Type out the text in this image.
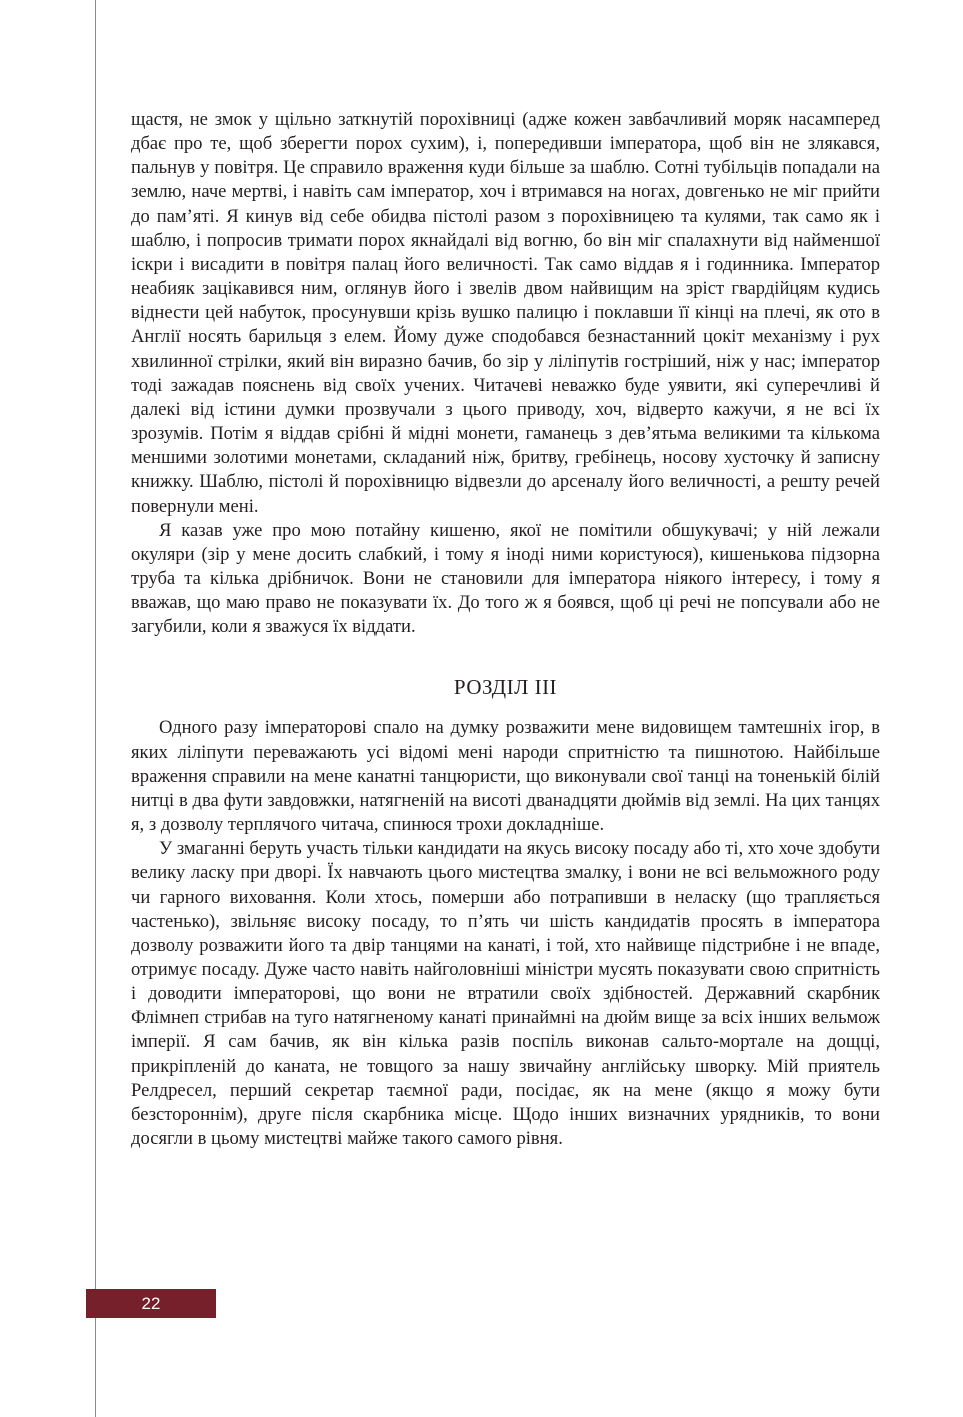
щастя, не змок у щільно заткнутій порохівниці (адже кожен завбачливий моряк насамперед дбає про те, щоб зберегти порох сухим), і, попередивши імператора, щоб він не злякався, пальнув у повітря. Це справило враження куди більше за шаблю. Сотні тубільців попадали на землю, наче мертві, і навіть сам імператор, хоч і втримався на ногах, довгенько не міг прийти до пам’яті. Я кинув від себе обидва пістолі разом з порохівницею та кулями, так само як і шаблю, і попросив тримати порох якнайдалі від вогню, бо він міг спалахнути від найменшої іскри і висадити в повітря палац його величності. Так само віддав я і годинника. Імператор неабияк зацікавився ним, оглянув його і звелів двом найвищим на зріст гвардійцям кудись віднести цей набуток, просунувши крізь вушко палицю і поклавши її кінці на плечі, як ото в Англії носять барильця з елем. Йому дуже сподобався безнастанний цокіт механізму і рух хвилинної стрілки, який він виразно бачив, бо зір у ліліпутів гостріший, ніж у нас; імператор тоді зажадав пояснень від своїх учених. Читачеві неважко буде уявити, які суперечливі й далекі від істини думки прозвучали з цього приводу, хоч, відверто кажучи, я не всі їх зрозумів. Потім я віддав срібні й мідні монети, гаманець з дев’ятьма великими та кількома меншими золотими монетами, складаний ніж, бритву, гребінець, носову хусточку й записну книжку. Шаблю, пістолі й порохівницю відвезли до арсеналу його величності, а решту речей повернули мені.

Я казав уже про мою потайну кишеню, якої не помітили обшукувачі; у ній лежали окуляри (зір у мене досить слабкий, і тому я іноді ними користуюся), кишенькова підзорна труба та кілька дрібничок. Вони не становили для імператора ніякого інтересу, і тому я вважав, що маю право не показувати їх. До того ж я боявся, щоб ці речі не попсували або не загубили, коли я зважуся їх віддати.

РОЗДІЛ III

Одного разу імператорові спало на думку розважити мене видовищем тамтешніх ігор, в яких ліліпути переважають усі відомі мені народи спритністю та пишнотою. Найбільше враження справили на мене канатні танцюристи, що виконували свої танці на тоненькій білій нитці в два фути завдовжки, натягненій на висоті дванадцяти дюймів від землі. На цих танцях я, з дозволу терплячого читача, спинюся трохи докладніше.

У змаганні беруть участь тільки кандидати на якусь високу посаду або ті, хто хоче здобути велику ласку при дворі. Їх навчають цього мистецтва змалку, і вони не всі вельможного роду чи гарного виховання. Коли хтось, померши або потрапивши в неласку (що трапляється частенько), звільняє високу посаду, то п’ять чи шість кандидатів просять в імператора дозволу розважити його та двір танцями на канаті, і той, хто найвище підстрибне і не впаде, отримує посаду. Дуже часто навіть найголовніші міністри мусять показувати свою спритність і доводити імператорові, що вони не втратили своїх здібностей. Державний скарбник Флімнеп стрибав на туго натягненому канаті принаймні на дюйм вище за всіх інших вельмож імперії. Я сам бачив, як він кілька разів поспіль виконав сальто-мортале на дощці, прикріпленій до каната, не товщого за нашу звичайну англійську шворку. Мій приятель Релдресел, перший секретар таємної ради, посідає, як на мене (якщо я можу бути безстороннім), друге після скарбника місце. Щодо інших визначних урядників, то вони досягли в цьому мистецтві майже такого самого рівня.

22
